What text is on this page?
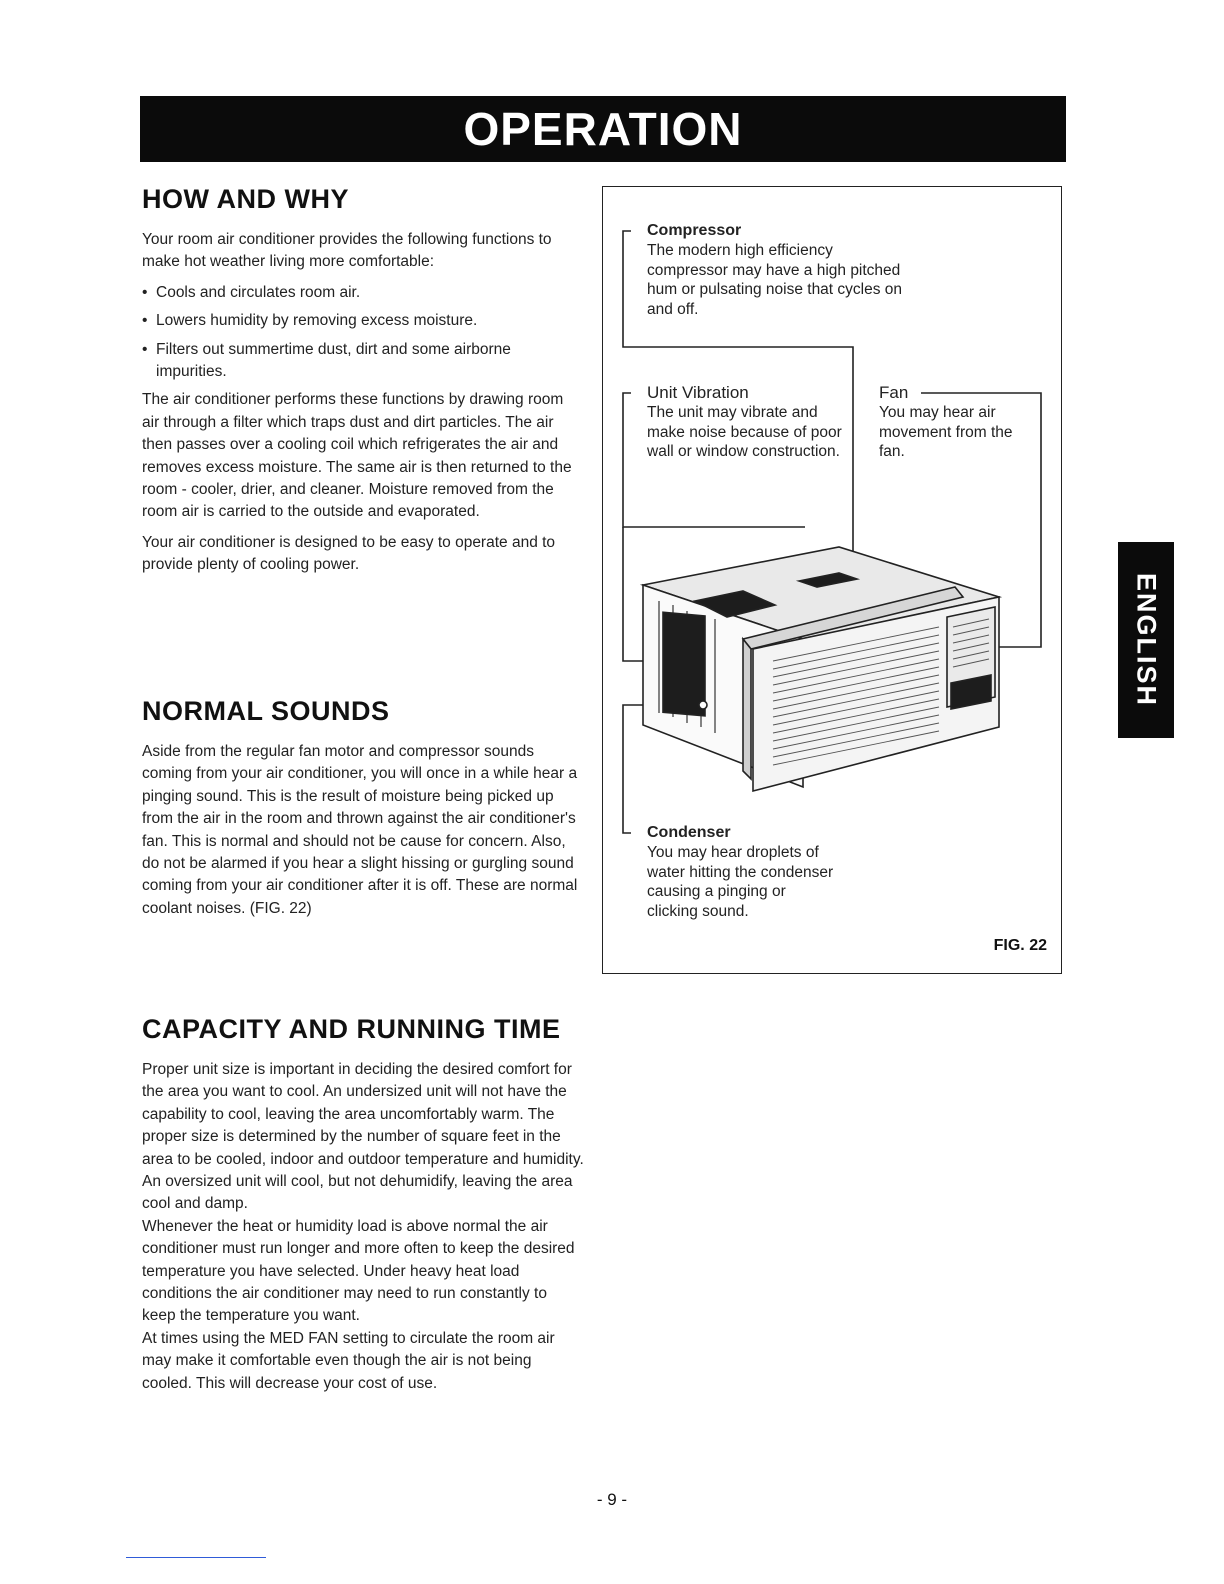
OPERATION
ENGLISH
HOW AND WHY

Your room air conditioner provides the following functions to make hot weather living more comfortable:

• Cools and circulates room air.
• Lowers humidity by removing excess moisture.
• Filters out summertime dust, dirt and some airborne impurities.

The air conditioner performs these functions by drawing room air through a filter which traps dust and dirt particles. The air then passes over a cooling coil which refrigerates the air and removes excess moisture. The same air is then returned to the room - cooler, drier, and cleaner. Moisture removed from the room air is carried to the outside and evaporated.

Your air conditioner is designed to be easy to operate and to provide plenty of cooling power.

NORMAL SOUNDS

Aside from the regular fan motor and compressor sounds coming from your air conditioner, you will once in a while hear a pinging sound. This is the result of moisture being picked up from the air in the room and thrown against the air conditioner's fan. This is normal and should not be cause for concern. Also, do not be alarmed if you hear a slight hissing or gurgling sound coming from your air conditioner after it is off. These are normal coolant noises. (FIG. 22)

CAPACITY AND RUNNING TIME

Proper unit size is important in deciding the desired comfort for the area you want to cool. An undersized unit will not have the capability to cool, leaving the area uncomfortably warm. The proper size is determined by the number of square feet in the area to be cooled, indoor and outdoor temperature and humidity. An oversized unit will cool, but not dehumidify, leaving the area cool and damp.

Whenever the heat or humidity load is above normal the air conditioner must run longer and more often to keep the desired temperature you have selected. Under heavy heat load conditions the air conditioner may need to run constantly to keep the temperature you want.

At times using the MED FAN setting to circulate the room air may make it comfortable even though the air is not being cooled. This will decrease your cost of use.

Compressor
The modern high efficiency compressor may have a high pitched hum or pulsating noise that cycles on and off.
Unit Vibration
The unit may vibrate and make noise because of poor wall or window construction.
Fan
You may hear air movement from the fan.
Condenser
You may hear droplets of water hitting the condenser causing a pinging or clicking sound.
FIG. 22
- 9 -
